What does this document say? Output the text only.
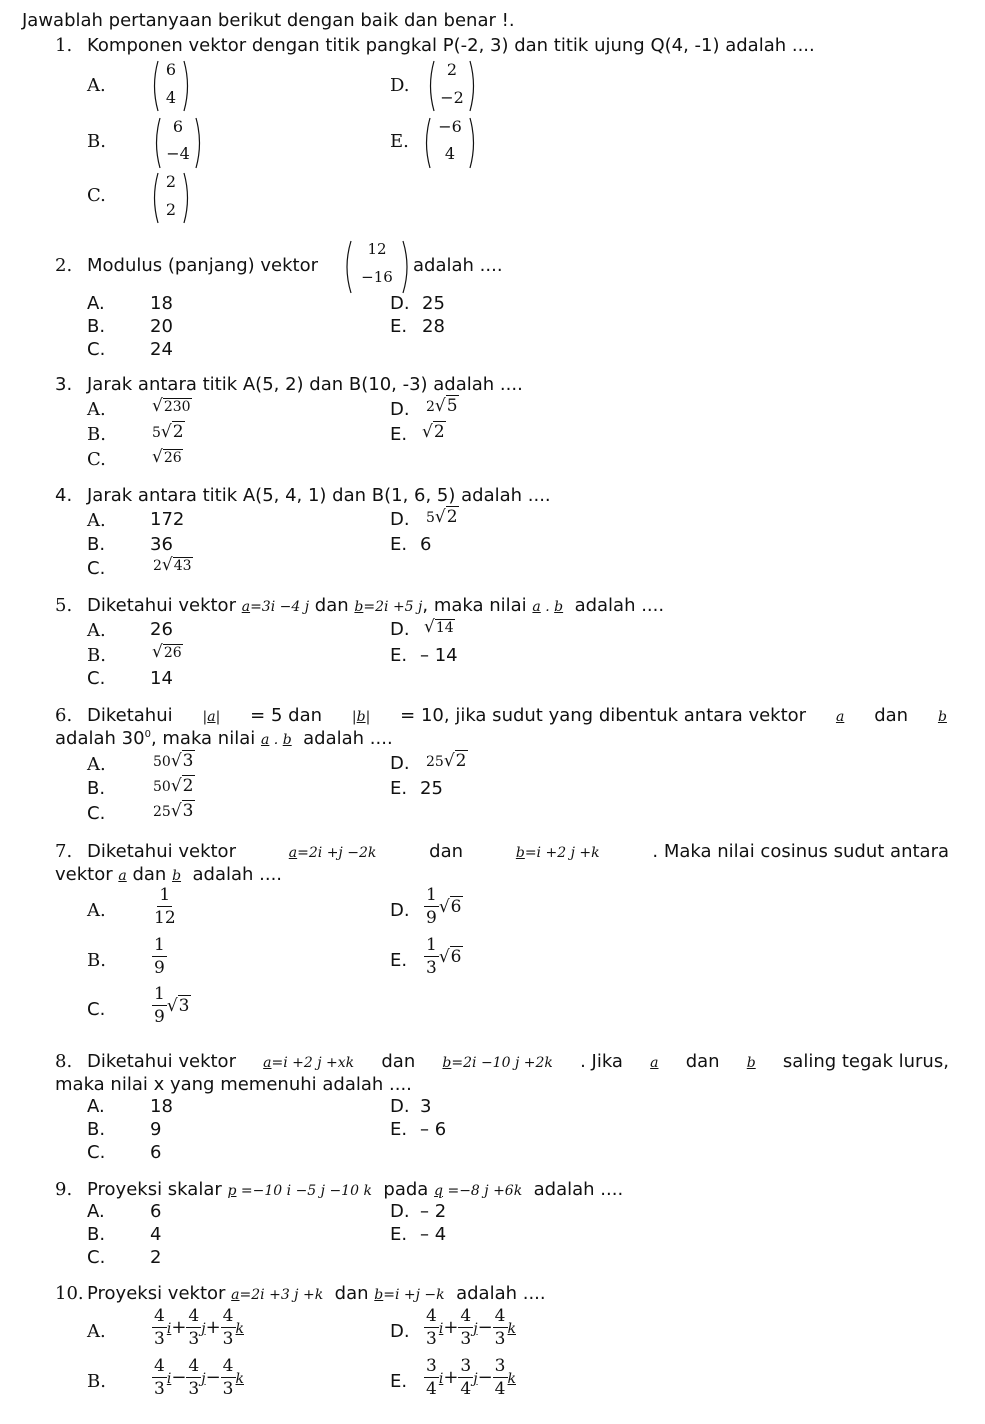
Jawablah pertanyaan berikut dengan baik dan benar !.
1. Komponen vektor dengan titik pangkal P(-2, 3) dan titik ujung Q(4, -1) adalah ....
A.
6
4
D.
2
−2
B.
6
−4
E.
−6
4
C.
2
2
2. Modulus (panjang) vektor
12
−16
adalah ....
A.	18
B. 20
C. 24
D. 25
E. 28
3. Jarak antara titik A(5, 2) dan B(10, -3) adalah ....
A.	√230
B.	5√2
C.	√26
D. 2√5
E. √2
4. Jarak antara titik A(5, 4, 1) dan B(1, 6, 5) adalah ....
A. 172
B. 36
C.	2√43
D. 5√2
E. 6
5. Diketahui vektor a=3i −4 j dan b=2i +5 j, maka nilai a . b adalah ....
A. 26
B.	√26
C. 14
D. √14
E. – 14
6. Diketahui |a| = 5 dan |b| = 10, jika sudut yang dibentuk antara vektor a dan b
adalah $30^0$, maka nilai a . b adalah ....
A.	50√3
B.	50√2
C.	25√3
D. 25√2
E. 25
7. Diketahui vektor	a=2i +j −2k	dan	b=i +2 j +k	. Maka nilai cosinus sudut antara
vektor a dan b adalah ....
A.	$\frac{1}{12}$
B.	$\frac{1}{9}$
C.	$\frac{1}{9} √3$
D. $\frac{1}{9} √6$
E. $\frac{1}{3} √6$
8. Diketahui vektor a=i +2 j +xk dan b=2i −10 j +2k . Jika a dan b saling tegak lurus,
maka nilai x yang memenuhi adalah ....
A.	18
B. 9
C. 6
D. 3
E. – 6
9. Proyeksi skalar p =−10 i −5 j −10 k pada q =−8 j +6k adalah ....
A.	6
B. 4
C. 2
D. – 2
E. – 4
10. Proyeksi vektor a=2i +3 j +k dan b=i +j −k adalah ....
A.	$\frac{4}{3} i+ \frac{4}{3} j+ \frac{4}{3}$ k
B.	$\frac{4}{3} i- \frac{4}{3} j- \frac{4}{3}$ k
D. $\frac{4}{3} i+ \frac{4}{3} j- \frac{4}{3}$ k
E. $\frac{3}{4} i+ \frac{3}{4} j- \frac{3}{4}$ k
